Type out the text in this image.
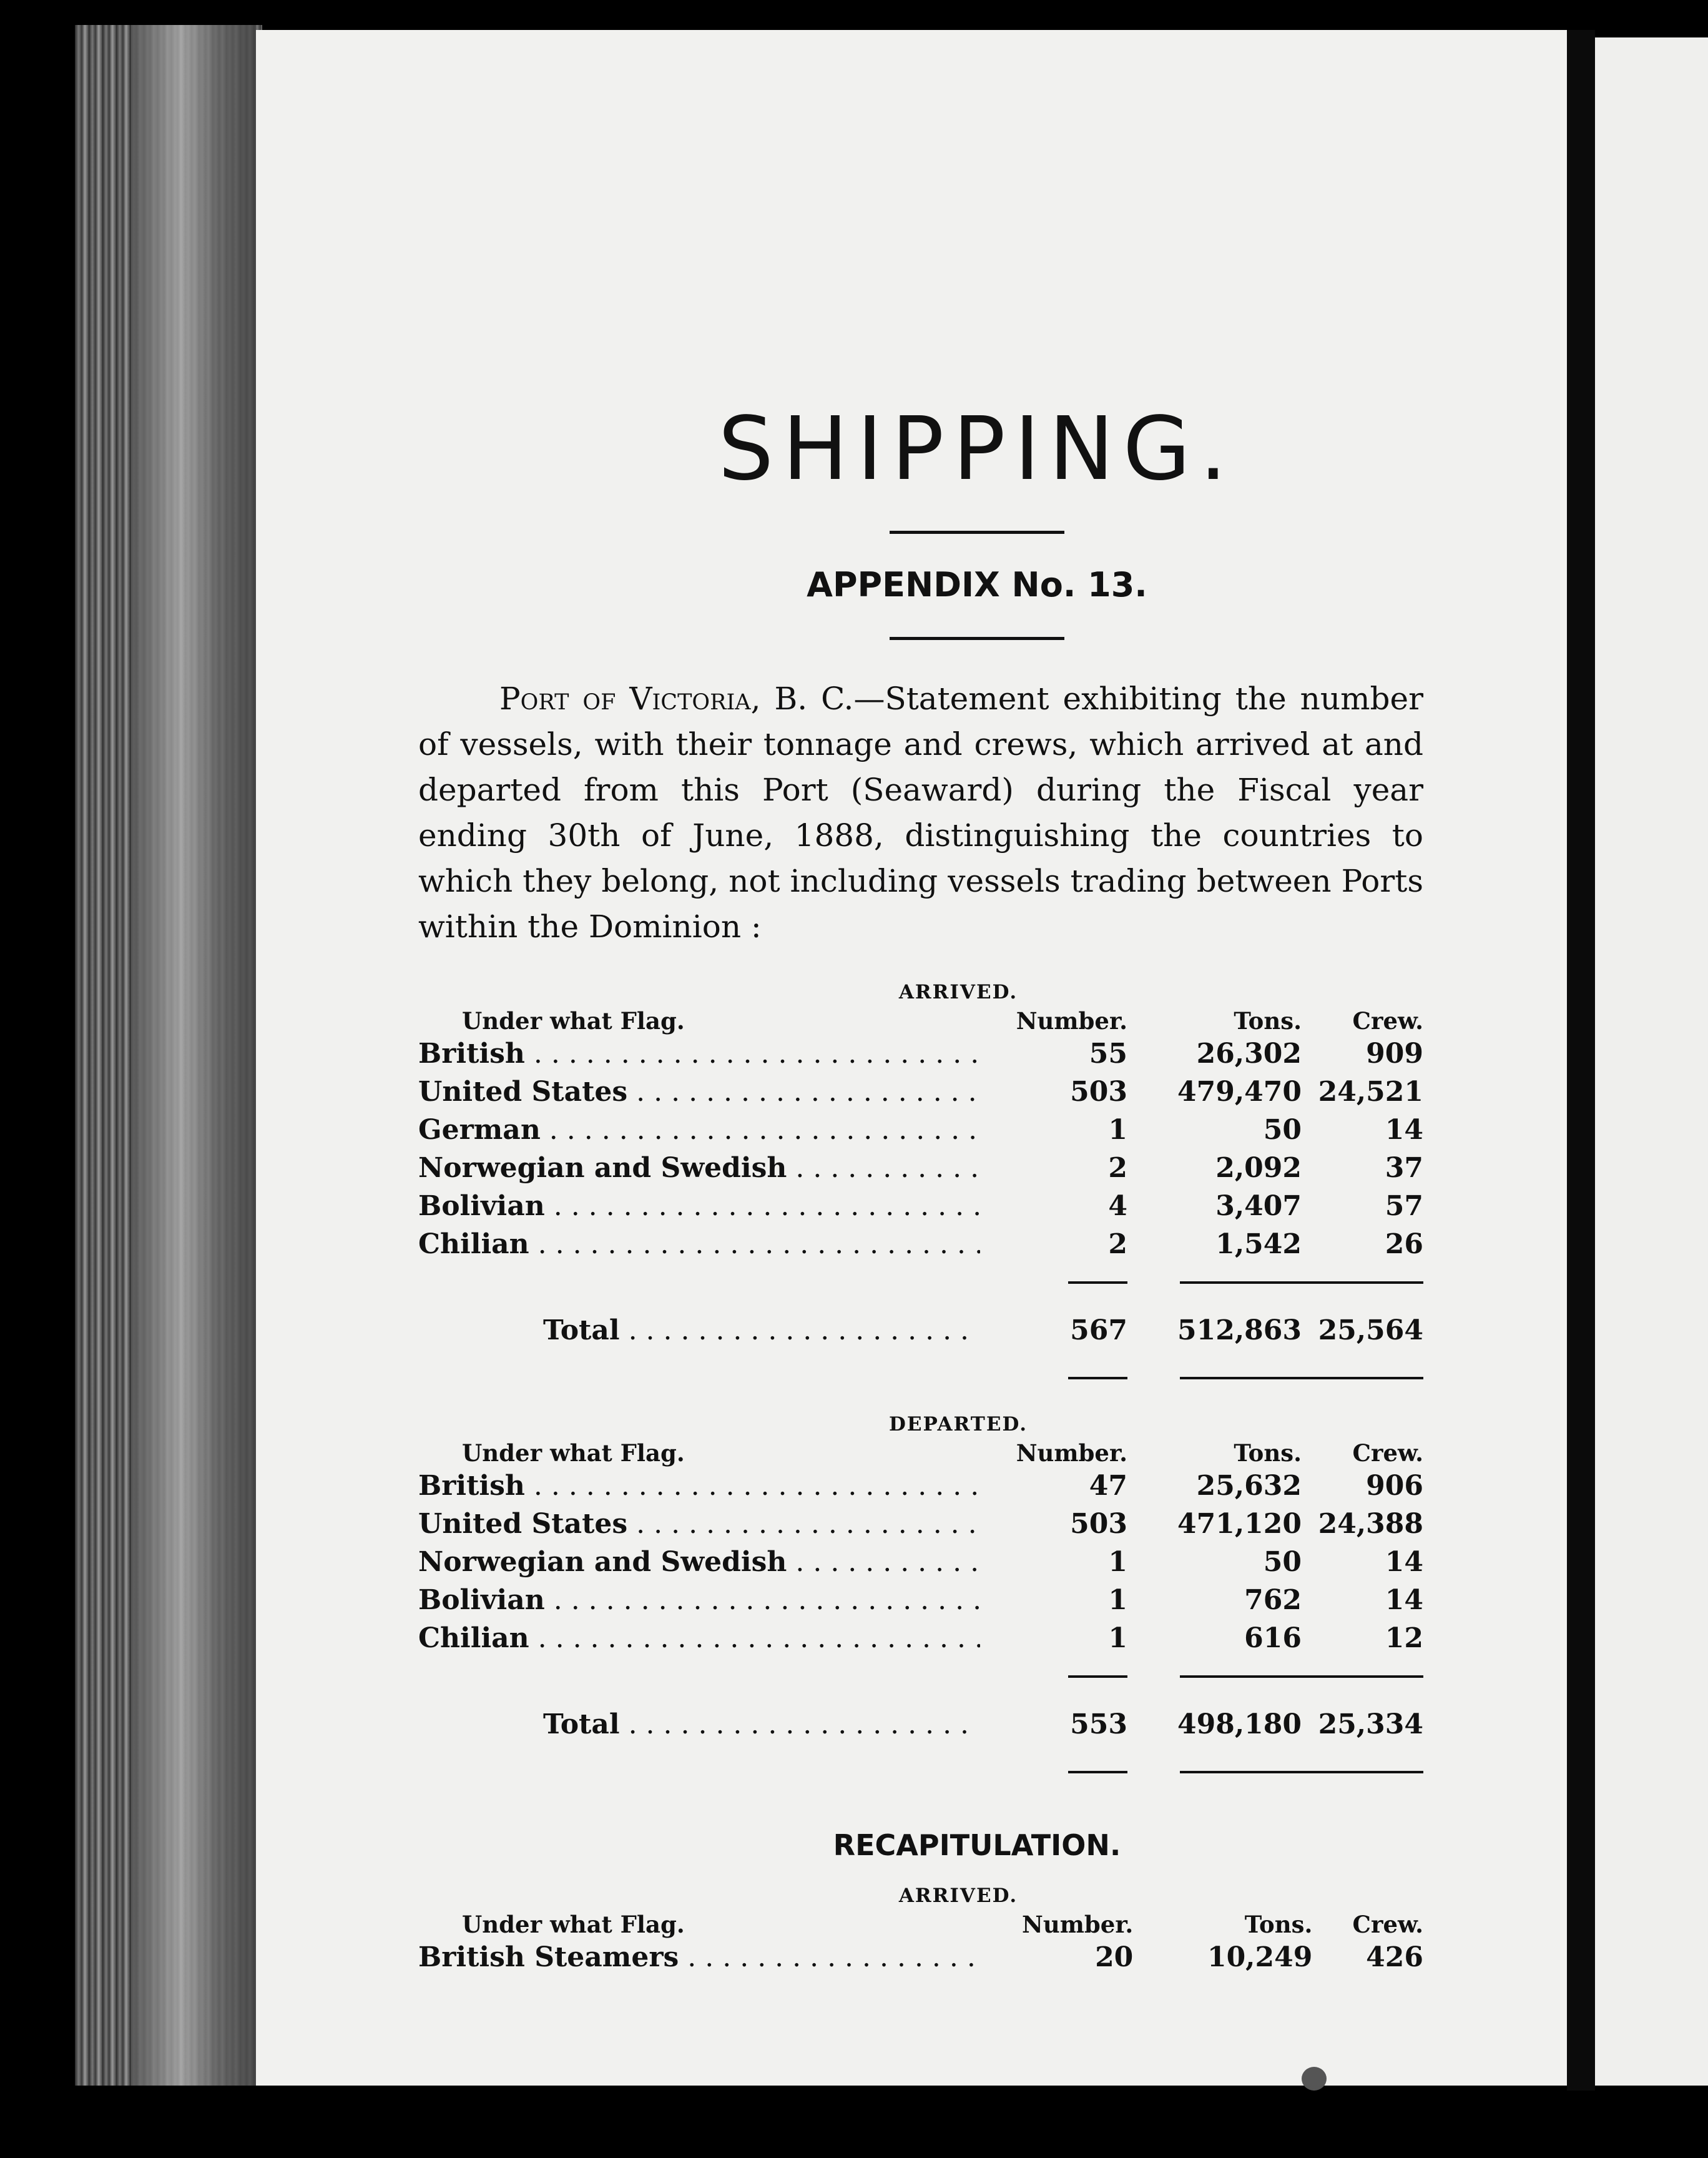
SHIPPING.
APPENDIX No. 13.

Port of Victoria, B. C.—Statement exhibiting the number of vessels, with their tonnage and crews, which arrived at and departed from this Port (Seaward) during the Fiscal year ending 30th of June, 1888, distinguishing the countries to which they belong, not including vessels trading between Ports within the Dominion :

ARRIVED.
Under what Flag.	Number.	Tons.	Crew.

British . . .	55	26,302	909

United States . . .	503	479,470	24,521

German . . .	1	50	14

Norwegian and Swedish . . .	2	2,092	37

Bolivian . . .	4	3,407	57

Chilian . . .	2	1,542	26

Total . . .	567	512,863	25,564

DEPARTED.
Under what Flag.	Number.	Tons.	Crew.

British . . .	47	25,632	906

United States . . .	503	471,120	24,388

Norwegian and Swedish . . .	1	50	14

Bolivian . . .	1	762	14

Chilian . . .	1	616	12

Total . . .	553	498,180	25,334

RECAPITULATION.
ARRIVED.
Under what Flag.	Number.	Tons.	Crew.

British Steamers . . .	20	10,249	426
